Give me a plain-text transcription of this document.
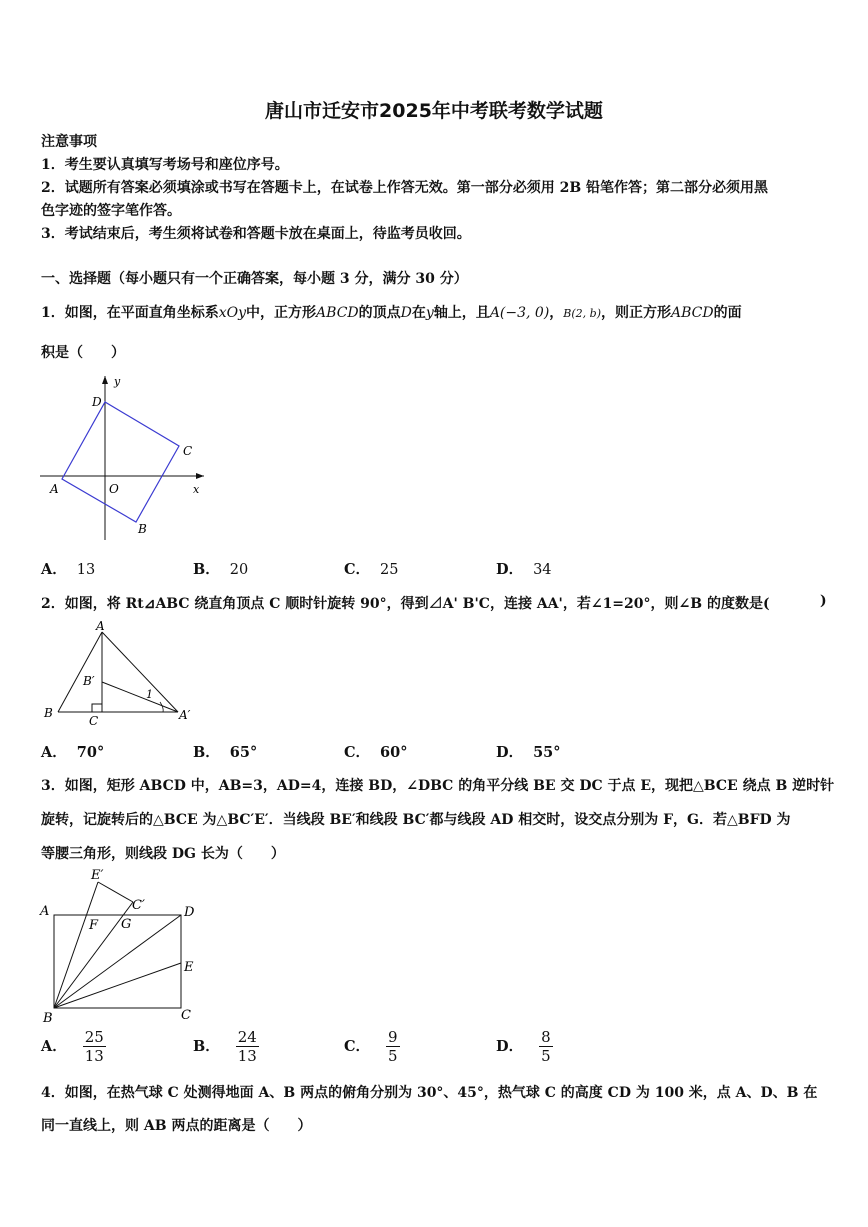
唐山市迁安市2025年中考联考数学试题
注意事项
1．考生要认真填写考场号和座位序号。
2．试题所有答案必须填涂或书写在答题卡上，在试卷上作答无效。第一部分必须用 2B 铅笔作答；第二部分必须用黑
色字迹的签字笔作答。
3．考试结束后，考生须将试卷和答题卡放在桌面上，待监考员收回。
一、选择题（每小题只有一个正确答案，每小题 3 分，满分 30 分）
1．如图，在平面直角坐标系xOy中，正方形ABCD的顶点D在y轴上，且A(−3, 0)，B(2, b)，则正方形ABCD的面
积是（　　）
y
x
D
C
A	O
B
A． 13	B． 20	C． 25	D． 34
2．如图，将 Rt⊿ABC 绕直角顶点 C 顺时针旋转 90°，得到⊿A' B'C，连接 AA'，若∠1=20°，则∠B 的度数是(	)
A
B
B′
C	A′
1
A． 70°	B． 65°	C． 60°	D． 55°
3．如图，矩形 ABCD 中，AB=3，AD=4，连接 BD，∠DBC 的角平分线 BE 交 DC 于点 E，现把△BCE 绕点 B 逆时针
旋转，记旋转后的△BCE 为△BC′E′．当线段 BE′和线段 BC′都与线段 AD 相交时，设交点分别为 F，G．若△BFD 为
等腰三角形，则线段 DG 长为（　　）
E′
C′
A	D
F G
E
B	C
A． $\frac{25}{13}$	B． $\frac{24}{13}$	C． $\frac{9}{5}$	D． $\frac{8}{5}$
4．如图，在热气球 C 处测得地面 A、B 两点的俯角分别为 30°、45°，热气球 C 的高度 CD 为 100 米，点 A、D、B 在
同一直线上，则 AB 两点的距离是（　　）
